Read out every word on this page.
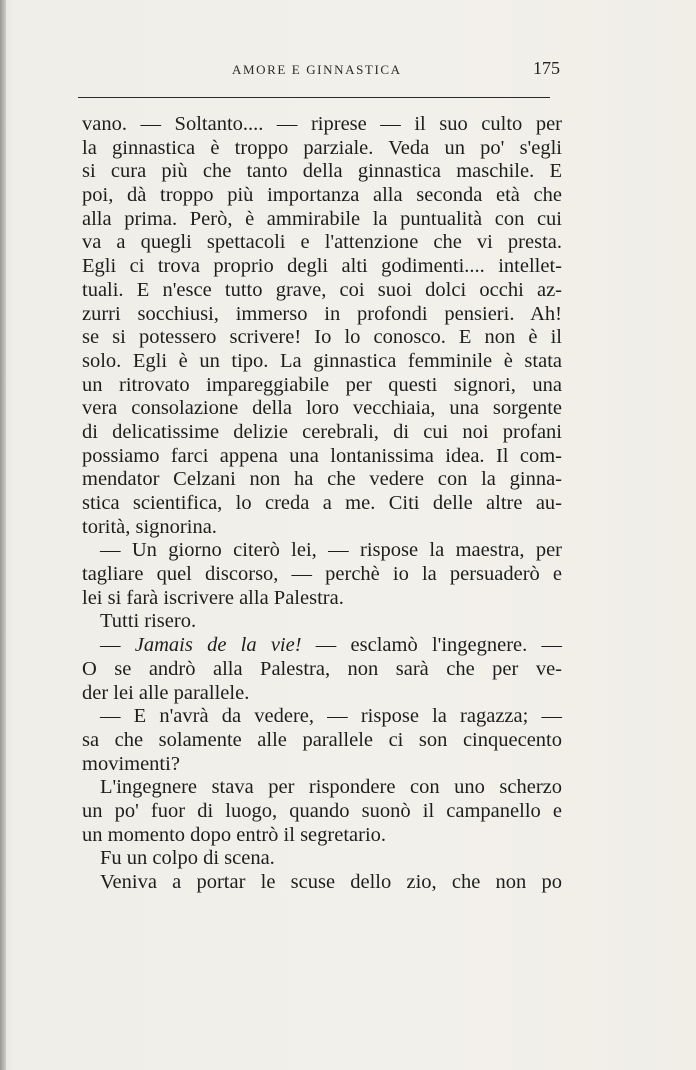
AMORE E GINNASTICA	175
vano. — Soltanto.... — riprese — il suo culto per
la ginnastica è troppo parziale. Veda un po' s'egli
si cura più che tanto della ginnastica maschile. E
poi, dà troppo più importanza alla seconda età che
alla prima. Però, è ammirabile la puntualità con cui
va a quegli spettacoli e l'attenzione che vi presta.
Egli ci trova proprio degli alti godimenti.... intellet-
tuali. E n'esce tutto grave, coi suoi dolci occhi az-
zurri socchiusi, immerso in profondi pensieri. Ah!
se si potessero scrivere! Io lo conosco. E non è il
solo. Egli è un tipo. La ginnastica femminile è stata
un ritrovato impareggiabile per questi signori, una
vera consolazione della loro vecchiaia, una sorgente
di delicatissime delizie cerebrali, di cui noi profani
possiamo farci appena una lontanissima idea. Il com-
mendator Celzani non ha che vedere con la ginna-
stica scientifica, lo creda a me. Citi delle altre au-
torità, signorina.
— Un giorno citerò lei, — rispose la maestra, per
tagliare quel discorso, — perchè io la persuaderò e
lei si farà iscrivere alla Palestra.
Tutti risero.
— Jamais de la vie! — esclamò l'ingegnere. —
O se andrò alla Palestra, non sarà che per ve-
der lei alle parallele.
— E n'avrà da vedere, — rispose la ragazza; —
sa che solamente alle parallele ci son cinquecento
movimenti?
L'ingegnere stava per rispondere con uno scherzo
un po' fuor di luogo, quando suonò il campanello e
un momento dopo entrò il segretario.
Fu un colpo di scena.
Veniva a portar le scuse dello zio, che non po
